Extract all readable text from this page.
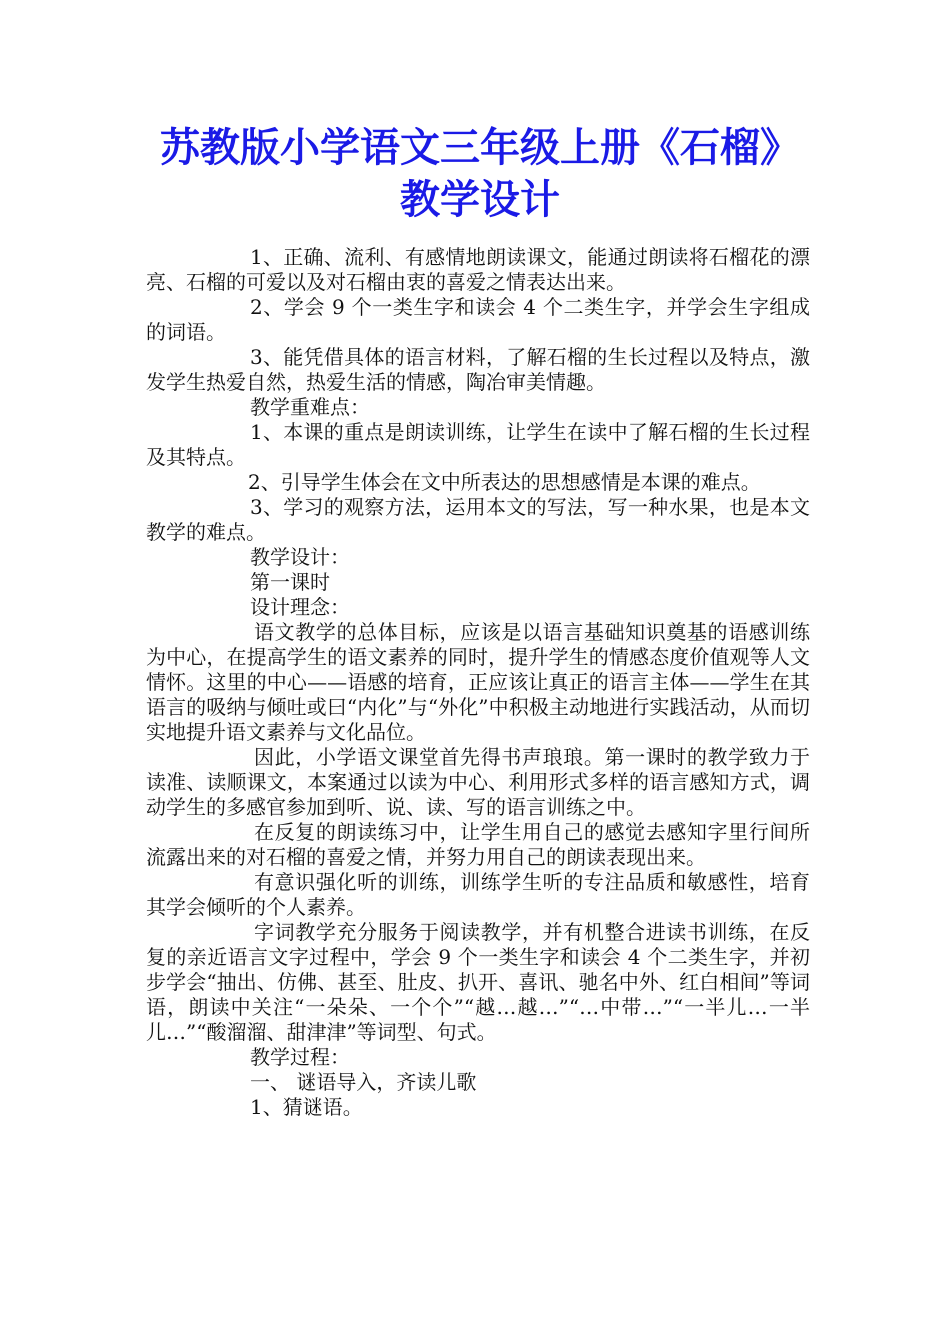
苏教版小学语文三年级上册《石榴》教学设计

1、正确、流利、有感情地朗读课文，能通过朗读将石榴花的漂亮、石榴的可爱以及对石榴由衷的喜爱之情表达出来。

2、学会 9 个一类生字和读会 4 个二类生字，并学会生字组成的词语。

3、能凭借具体的语言材料，了解石榴的生长过程以及特点，激发学生热爱自然，热爱生活的情感，陶冶审美情趣。

教学重难点：

1、本课的重点是朗读训练，让学生在读中了解石榴的生长过程及其特点。

2、引导学生体会在文中所表达的思想感情是本课的难点。

3、学习的观察方法，运用本文的写法，写一种水果，也是本文教学的难点。

教学设计：

第一课时

设计理念：

语文教学的总体目标，应该是以语言基础知识奠基的语感训练为中心，在提高学生的语文素养的同时，提升学生的情感态度价值观等人文情怀。这里的中心——语感的培育，正应该让真正的语言主体——学生在其语言的吸纳与倾吐或曰“内化”与“外化”中积极主动地进行实践活动，从而切实地提升语文素养与文化品位。

因此，小学语文课堂首先得书声琅琅。第一课时的教学致力于读准、读顺课文，本案通过以读为中心、利用形式多样的语言感知方式，调动学生的多感官参加到听、说、读、写的语言训练之中。

在反复的朗读练习中，让学生用自己的感觉去感知字里行间所流露出来的对石榴的喜爱之情，并努力用自己的朗读表现出来。

有意识强化听的训练，训练学生听的专注品质和敏感性，培育其学会倾听的个人素养。

字词教学充分服务于阅读教学，并有机整合进读书训练，在反复的亲近语言文字过程中，学会 9 个一类生字和读会 4 个二类生字，并初步学会“抽出、仿佛、甚至、肚皮、扒开、喜讯、驰名中外、红白相间”等词语，朗读中关注“一朵朵、一个个”“越…越…”“…中带…”“一半儿…一半儿…”“酸溜溜、甜津津”等词型、句式。

教学过程：

一、 谜语导入，齐读儿歌

1、猜谜语。
